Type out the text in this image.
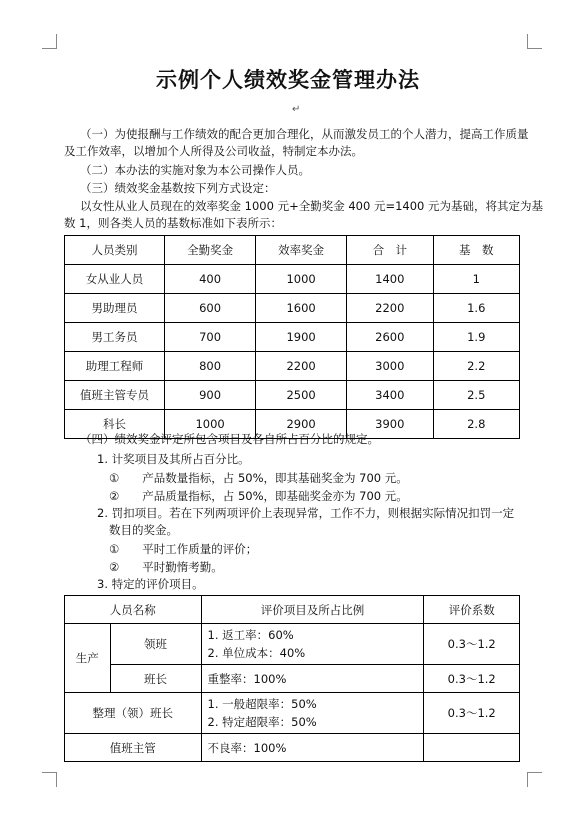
示例个人绩效奖金管理办法
↵
（一）为使报酬与工作绩效的配合更加合理化，从而激发员工的个人潜力，提高工作质量
及工作效率，以增加个人所得及公司收益，特制定本办法。
（二）本办法的实施对象为本公司操作人员。
（三）绩效奖金基数按下列方式设定：
以女性从业人员现在的效率奖金 1000 元+全勤奖金 400 元=1400 元为基础，将其定为基
数 1，则各类人员的基数标准如下表所示：
人员类别	全勤奖金	效率奖金	合　计	基　数
女从业人员	400	1000	1400	1
男助理员	600	1600	2200	1.6
男工务员	700	1900	2600	1.9
助理工程师	800	2200	3000	2.2
值班主管专员	900	2500	3400	2.5
科长	1000	2900	3900	2.8
（四）绩效奖金评定所包含项目及各自所占百分比的规定。
1. 计奖项目及其所占百分比。
①　　产品数量指标，占 50%，即其基础奖金为 700 元。
②　　产品质量指标，占 50%，即基础奖金亦为 700 元。
2. 罚扣项目。若在下列两项评价上表现异常，工作不力，则根据实际情况扣罚一定
数目的奖金。
①　　平时工作质量的评价；
②　　平时勤惰考勤。
3. 特定的评价项目。
人员名称		评价项目及所占比例	评价系数
生产	领班	1. 返工率：60%
2. 单位成本：40%	0.3～1.2
	班长	重整率：100%	0.3～1.2
整理（领）班长		1. 一般超限率：50%
2. 特定超限率：50%	0.3～1.2
值班主管		不良率：100%	
